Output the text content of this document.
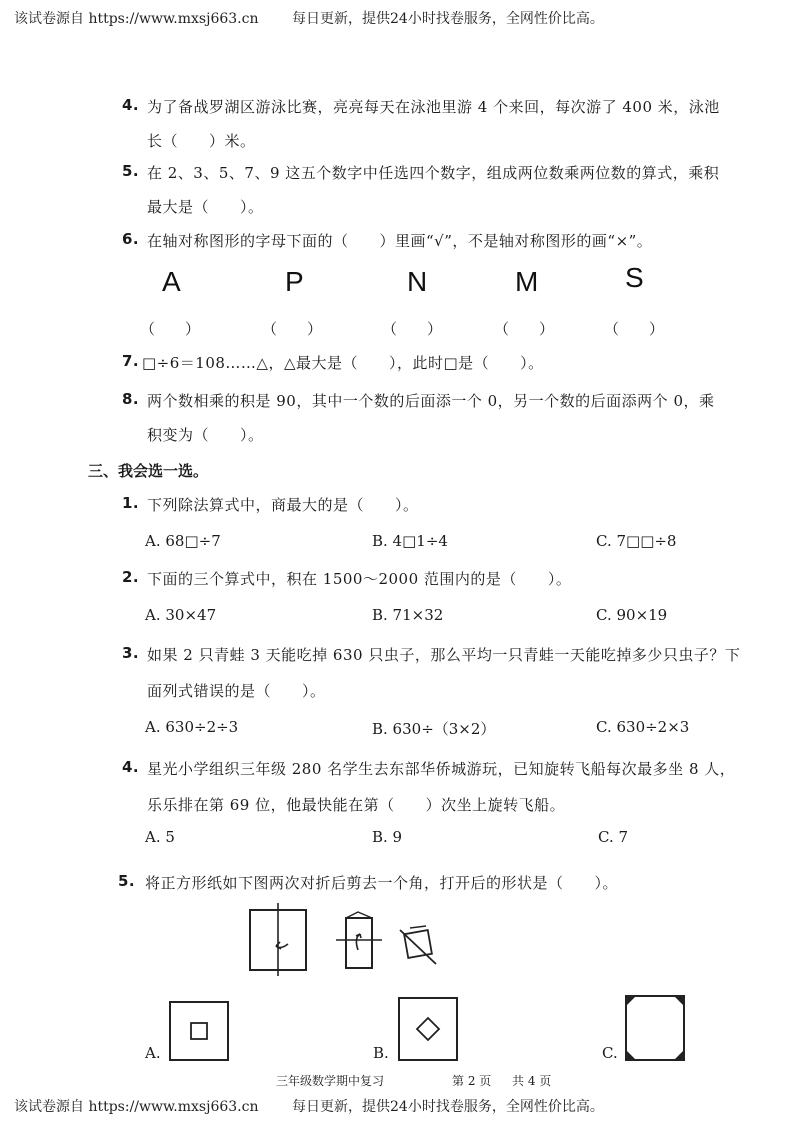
该试卷源自 https://www.mxsj663.cn 每日更新，提供24小时找卷服务，全网性价比高。
4. 为了备战罗湖区游泳比赛，亮亮每天在泳池里游 4 个来回，每次游了 400 米，泳池
长（　　）米。
5. 在 2、3、5、7、9 这五个数字中任选四个数字，组成两位数乘两位数的算式，乘积
最大是（　　）。
6. 在轴对称图形的字母下面的（　　）里画“√”，不是轴对称图形的画“×”。
A	P	N	M	S
（　　）	（　　）	（　　）	（　　）	（　　）
7. □÷6＝108……△，△最大是（　　），此时□是（　　）。
8. 两个数相乘的积是 90，其中一个数的后面添一个 0，另一个数的后面添两个 0，乘
积变为（　　）。
三、我会选一选。
1. 下列除法算式中，商最大的是（　　）。
A. 68□÷7	B. 4□1÷4	C. 7□□÷8
2. 下面的三个算式中，积在 1500～2000 范围内的是（　　）。
A. 30×47	B. 71×32	C. 90×19
3. 如果 2 只青蛙 3 天能吃掉 630 只虫子，那么平均一只青蛙一天能吃掉多少只虫子？下
面列式错误的是（　　）。
A. 630÷2÷3	B. 630÷（3×2）	C. 630÷2×3
4. 星光小学组织三年级 280 名学生去东部华侨城游玩，已知旋转飞船每次最多坐 8 人，
乐乐排在第 69 位，他最快能在第（　　）次坐上旋转飞船。
A. 5	B. 9	C. 7
5. 将正方形纸如下图两次对折后剪去一个角，打开后的形状是（　　）。
A.	B.	C.
三年级数学期中复习	第 2 页 共 4 页
该试卷源自 https://www.mxsj663.cn 每日更新，提供24小时找卷服务，全网性价比高。
